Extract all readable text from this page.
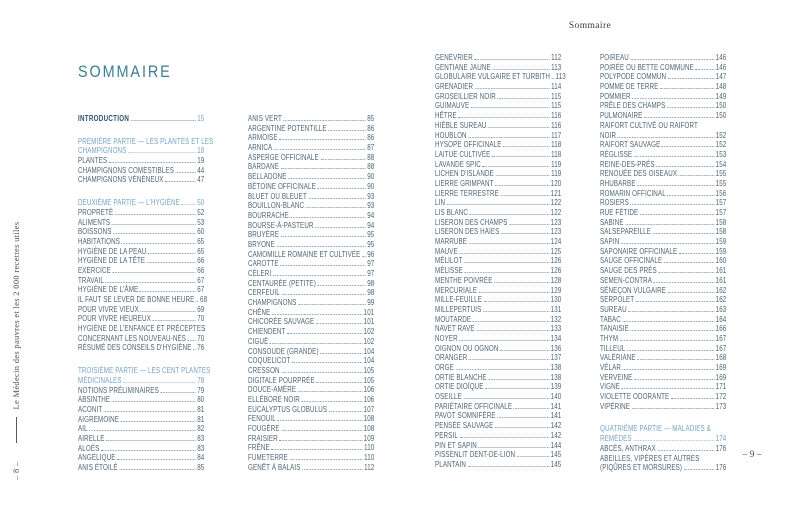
Sommaire
SOMMAIRE
– 8 –
Le Médecin des pauvres et les 2 000 recettes utiles
INTRODUCTION	15
PREMIÈRE PARTIE — LES PLANTES ET LES
CHAMPIGNONS	18
PLANTES	19
CHAMPIGNONS COMESTIBLES	44
CHAMPIGNONS VÉNÉNEUX	47
DEUXIÈME PARTIE — L'HYGIÈNE 50
PROPRETÉ	52
ALIMENTS	53
BOISSONS	60
HABITATIONS	65
HYGIÈNE DE LA PEAU	65
HYGIÈNE DE LA TÊTE	66
EXERCICE	66
TRAVAIL	67
HYGIÈNE DE L'ÂME	67
IL FAUT SE LEVER DE BONNE HEURE 68
POUR VIVRE VIEUX	69
POUR VIVRE HEUREUX	70
HYGIÈNE DE L'ENFANCE ET PRÉCEPTES
CONCERNANT LES NOUVEAU-NÉS 70
RÉSUMÉ DES CONSEILS D'HYGIÈNE 76
TROISIÈME PARTIE — LES CENT PLANTES
MÉDICINALES	78
NOTIONS PRÉLIMINAIRES	79
ABSINTHE	80
ACONIT	81
AIGREMOINE	81
AIL	82
AIRELLE	83
ALOÈS	83
ANGÉLIQUE	84
ANIS ÉTOILÉ	85
ANIS VERT	85
ARGENTINE POTENTILLE	86
ARMOISE	86
ARNICA	87
ASPERGE OFFICINALE	88
BARDANE	88
BELLADONE	90
BÉTOINE OFFICINALE	90
BLUET OU BLEUET	93
BOUILLON-BLANC	93
BOURRACHE	94
BOURSE-À-PASTEUR	94
BRUYÈRE	95
BRYONE	95
CAMOMILLE ROMAINE ET CULTIVÉE 96
CAROTTE	97
CÉLERI	97
CENTAURÉE (PETITE)	98
CERFEUIL	98
CHAMPIGNONS	99
CHÊNE	101
CHICORÉE SAUVAGE	101
CHIENDENT	102
CIGUË	102
CONSOUDE (GRANDE)	104
COQUELICOT	104
CRESSON	105
DIGITALE POURPRÉE	105
DOUCE-AMÈRE	106
ELLÉBORE NOIR	106
EUCALYPTUS GLOBULUS	107
FENOUIL	108
FOUGÈRE	108
FRAISIER	109
FRÊNE	110
FUMETERRE	110
GENÊT À BALAIS	112
GENÉVRIER	112
GENTIANE JAUNE	113
GLOBULAIRE VULGAIRE ET TURBITH 113
GRENADIER	114
GROSEILLIER NOIR	115
GUIMAUVE	115
HÊTRE	116
HIÈBLE SUREAU	116
HOUBLON	117
HYSOPE OFFICINALE	118
LAITUE CULTIVÉE	118
LAVANDE SPIC	119
LICHEN D'ISLANDE	119
LIERRE GRIMPANT	120
LIERRE TERRESTRE	121
LIN	122
LIS BLANC	122
LISERON DES CHAMPS	123
LISERON DES HAIES	123
MARRUBE	124
MAUVE	125
MÉLILOT	126
MÉLISSE	126
MENTHE POIVRÉE	128
MERCURIALE	129
MILLE-FEUILLE	130
MILLEPERTUIS	131
MOUTARDE	132
NAVET RAVE	133
NOYER	134
OIGNON OU OGNON	136
ORANGER	137
ORGE	138
ORTIE BLANCHE	138
ORTIE DIOÏQUE	139
OSEILLE	140
PARIÉTAIRE OFFICINALE	141
PAVOT SOMNIFÈRE	141
PENSÉE SAUVAGE	142
PERSIL	142
PIN ET SAPIN	144
PISSENLIT DENT-DE-LION	145
PLANTAIN	145
POIREAU	146
POIRÉE OU BETTE COMMUNE	146
POLYPODE COMMUN	147
POMME DE TERRE	148
POMMIER	149
PRÊLE DES CHAMPS	150
PULMONAIRE	150
RAIFORT CULTIVÉ OU RAIFORT
NOIR	152
RAIFORT SAUVAGE	152
RÉGLISSE	153
REINE-DES-PRÉS	154
RENOUÉE DES OISEAUX	155
RHUBARBE	155
ROMARIN OFFICINAL	156
ROSIERS	157
RUE FÉTIDE	157
SABINE	158
SALSEPAREILLE	158
SAPIN	159
SAPONAIRE OFFICINALE	159
SAUGE OFFICINALE	160
SAUGE DES PRÉS	161
SEMEN-CONTRA	161
SÉNEÇON VULGAIRE	162
SERPOLET	162
SUREAU	163
TABAC	164
TANAISIE	166
THYM	167
TILLEUL	167
VALÉRIANE	168
VÉLAR	169
VERVEINE	169
VIGNE	171
VIOLETTE ODORANTE	172
VIPÉRINE	173
QUATRIÈME PARTIE — MALADIES &
REMÈDES	174
ABCÈS, ANTHRAX	176
ABEILLES, VIPÈRES ET AUTRES
(PIQÛRES ET MORSURES)	176
– 9 –
